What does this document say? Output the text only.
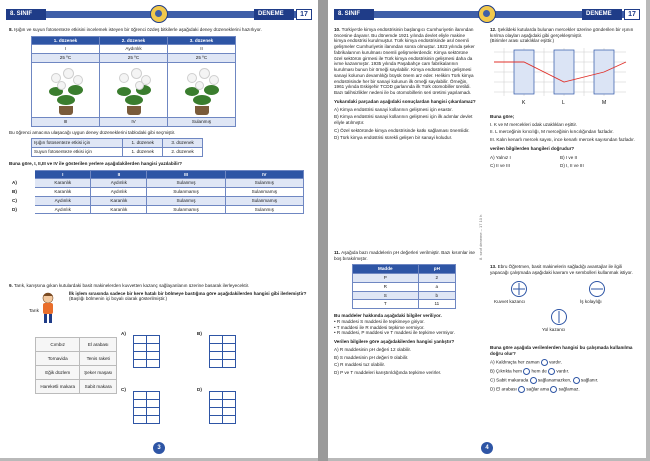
8. SINIF	DENEME	17
8. Işığın ve suyun fotosenteze etkisini incelemek isteyen bir öğrenci özdeş bitkilerle aşağıdaki deney düzeneklerini hazırlıyor.
1. düzenek	2. düzenek	3. düzenek
I	Aydınlık	II
25 ºC	25 ºC	25 ºC

III	IV	Sulanmış
Bu öğrenci amacına ulaşacağı uygun deney düzeneklerini tablodaki gibi seçmiştir.
Işığın fotosenteze etkisi için	1. düzenek	3. düzenek
Suyun fotosenteze etkisi için	1. düzenek	2. düzenek
Buna göre, I, II,III ve IV ile gösterilen yerlere aşağıdakilerden hangisi yazılabilir?
	I	II	III	IV
A)	Karanlık	Aydınlık	Sulanmış	Sulanmış
B)	Karanlık	Aydınlık	Sulanmamış	Sulanmamış
C)	Aydınlık	Karanlık	Sulanmış	Sulanmamış
D)	Aydınlık	Karanlık	Sulanmamış	Sulanmış
9. Tarık, karışsına gıkan kutulardaki basit makinelerden kuvvetten kazanç sağlayanlanın üzerine basarak ilerleyecektir.
İlk işlem sırasında sadece bir kere hatalı bir bölmeye bastığına göre aşağıdakilerden hangisi gibi ilerlemiştir?
(Başlığı bölmenin içi boyalı olarak gösterilmiştir.)
Tarık
Cımbız	El arabası
Tornavida	Tenis raketi
Eğik düzlem	Şeker maşası
Hareketli makara	Sabit makara
A)

		B)

C)

		D)

3
8. SINIF	DENEME	17
10. Türkiye'de kimya endüstrisinin başlangıcı Cumhuriyetin ilanından öncesine dayanır. Bu dönemde 1921 yılında devlet eliyle makine kimya endüstrisi kurulmuştur. Türk kimya endüstrisinde asıl önemli gelişmeler Cumhuriyetin ilanından sonra olmuştur. 1923 yılında şeker fabrikalarının kurulması önemli gelişmelerdendir. Kimya sektörüne özel sektörün girmesi ile Türk kimya endüstrisinin gelişmesi daha da ivme kazanmıştır. 1935 yılında Paşabahçe cam fabrikalarının kurulması bunun bir örneği sayılabilir. Kimya endüstrisinin gelişmesi sanayi kolunun devamlılığı büyük önem arz eder. Helikim Türk kimya endüstrisinde her bir sanayi kolunun ilk örneği sayılabilir. Örneğin, 1961 yılında Eskişehir TCDD garlarında ilk Türk otomobiller üretildi. Bazı talihsizlikler nedeni ile bu otomobillerin seri üretimi yapılamadı.
Yukarıdaki parçadan aşağıdaki sonuçlardan hangisi çıkarılamaz?
A) Kimya endüstrisi sanayi kollarının gelişmesi için esastır.
B) Kimya endüstrisi sanayi kollarının gelişmesi için ilk adımlar devlet eliyle atılmıştır.
C) Özel sektöründe kimya endüstrisinde katkı sağlaması önemlidir.
D) Türk kimya endüstrisi sürekli gelişen bir sanayi koludur.
11. Aşağıda bazı maddelerin pH değerleri verilmiştir. Bazı kısımlar ise boş bırakılmıştır.
Madde	pH
P	2
R	a
S	b
T	11
Bu maddeler hakkında aşağıdaki bilgiler veriliyor.
• R maddesi S maddesi ile tepkimeye giriyor.
• T maddesi ile R maddesi tepkime vermiyor.
• R maddesi, P maddesi ve T maddesi ile tepkime vermiyor.
Verilen bilgilere göre aşağıdakilerden hangisi yanlıştır?
A) R maddesinin pH değeri 12 olabilir.
B) S maddesinin pH değeri 9 olabilir.
C) R maddesi tuz olabilir.
D) P ve T maddeleri karıştırıldığında tepkime verirler.
8. sınıf deneme – 17 10 h
12. Şekildeki kutularda bulunan mercekler üzerine gönderilen bir ışının kırılma olayları aşağıdaki gibi gerçekleşmiştir.
(Birimler arası uzaklıklar eşittir.)
K	L	M
Buna göre;
I. K ve M mercekleri odak uzaklıkları eşittir.
II. L merceğinin kırıcılığı, M merceğinin kırıcılığından fazladır.
III. Kalın kenarlı mercek sayısı, ince kenarlı mercek sayısından fazladır.
verilen bilgilerden hangileri doğrudur?
A) Yalnız I	B) I ve II
C) II ve III	D) I, II ve III
13. Ebru Öğretmen, basit makinelerin sağladığı avantajlar ile ilgili yapacağı çalışmada aşağıdaki kavram ve sembolleri kullanmak istiyor.
Kuvvet kazancı	İş kolaylığı
Yol kazancı
Buna göre aşağıda verilenlerden hangisi bu çalışmada kullanılma doğru olur?
A) Kaldıraçta her zaman vardır.
B) Çıkrıkta hem hem de vardır.
C) Sabit makarada sağlanamazken, sağlanır.
D) El arabası sağlar ama sağlamaz.
4
